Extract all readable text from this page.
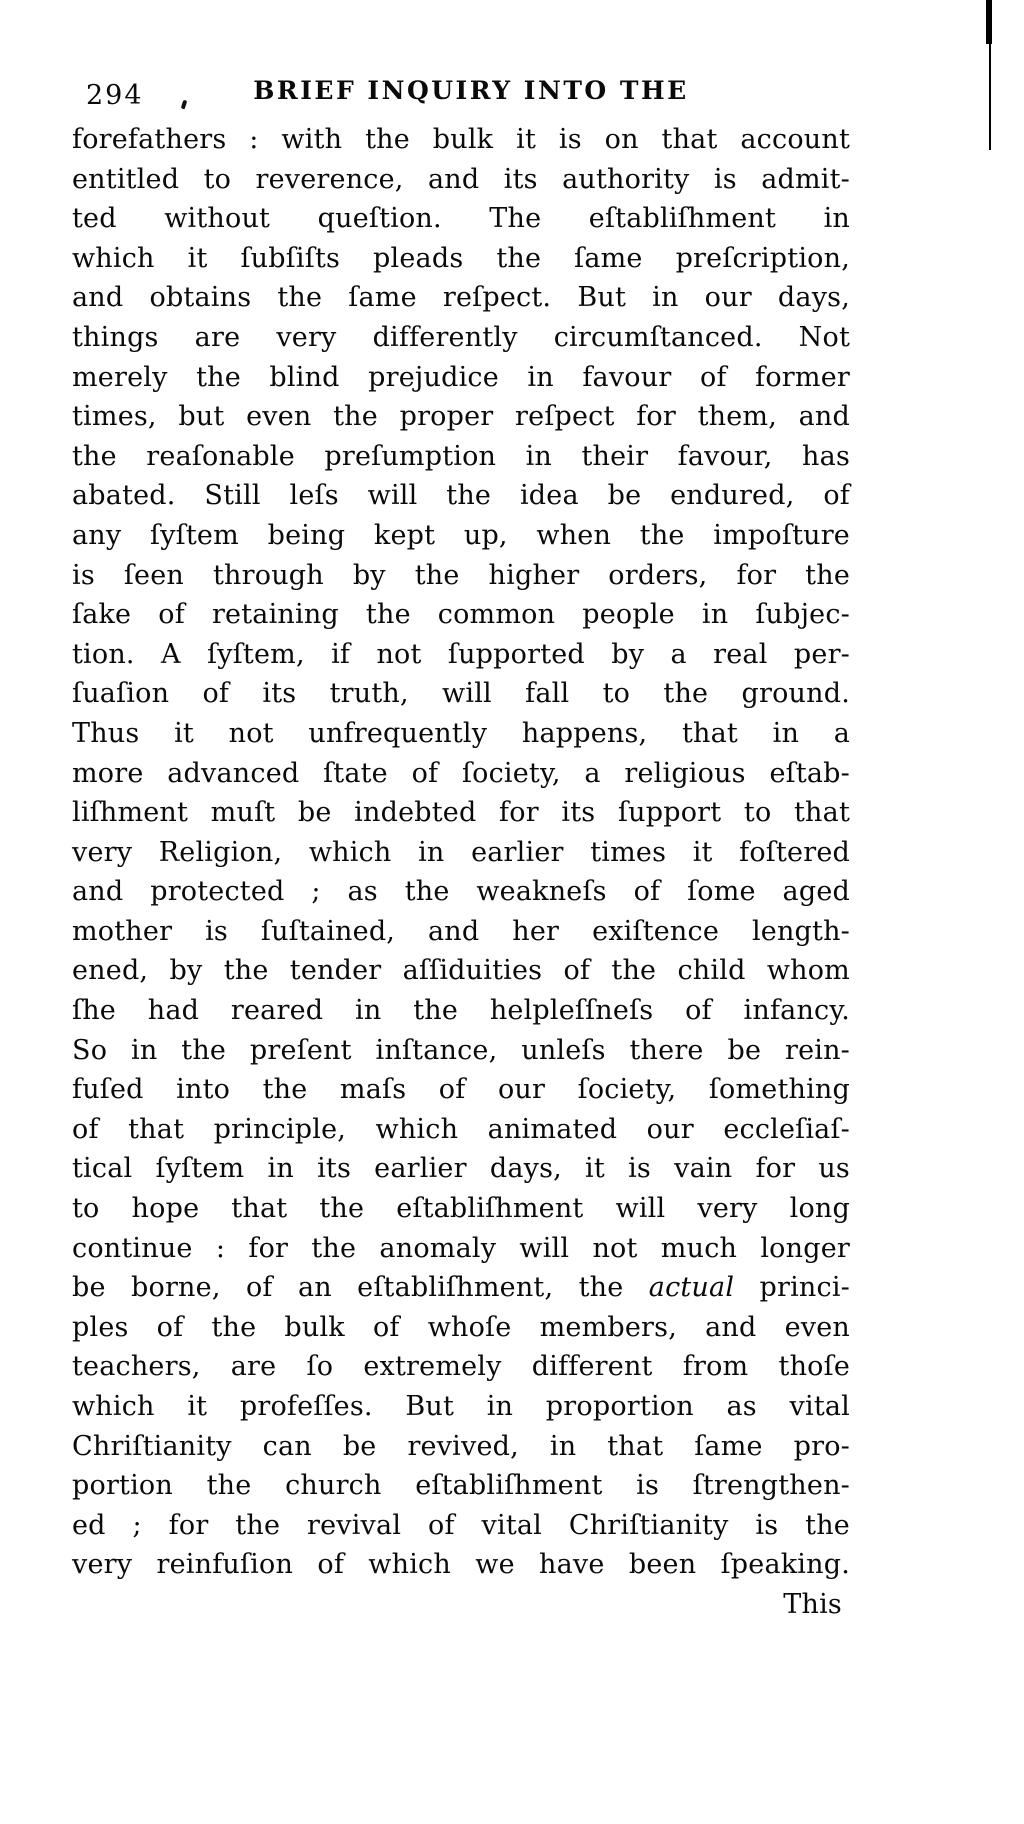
294	BRIEF INQUIRY INTO THE
forefathers : with the bulk it is on that account
entitled to reverence, and its authority is admit-
ted without queſtion. The eſtabliſhment in
which it ſubſiſts pleads the ſame preſcription,
and obtains the ſame reſpect. But in our days,
things are very differently circumſtanced. Not
merely the blind prejudice in favour of former
times, but even the proper reſpect for them, and
the reaſonable preſumption in their favour, has
abated. Still leſs will the idea be endured, of
any ſyſtem being kept up, when the impoſture
is ſeen through by the higher orders, for the
ſake of retaining the common people in ſubjec-
tion. A ſyſtem, if not ſupported by a real per-
ſuaſion of its truth, will fall to the ground.
Thus it not unfrequently happens, that in a
more advanced ſtate of ſociety, a religious eſtab-
liſhment muſt be indebted for its ſupport to that
very Religion, which in earlier times it foſtered
and protected ; as the weakneſs of ſome aged
mother is ſuſtained, and her exiſtence length-
ened, by the tender aſſiduities of the child whom
ſhe had reared in the helpleſſneſs of infancy.
So in the preſent inſtance, unleſs there be rein-
fuſed into the maſs of our ſociety, ſomething
of that principle, which animated our eccleſiaſ-
tical ſyſtem in its earlier days, it is vain for us
to hope that the eſtabliſhment will very long
continue : for the anomaly will not much longer
be borne, of an eſtabliſhment, the actual princi-
ples of the bulk of whoſe members, and even
teachers, are ſo extremely different from thoſe
which it profeſſes. But in proportion as vital
Chriſtianity can be revived, in that ſame pro-
portion the church eſtabliſhment is ſtrengthen-
ed ; for the revival of vital Chriſtianity is the
very reinfuſion of which we have been ſpeaking.
This
